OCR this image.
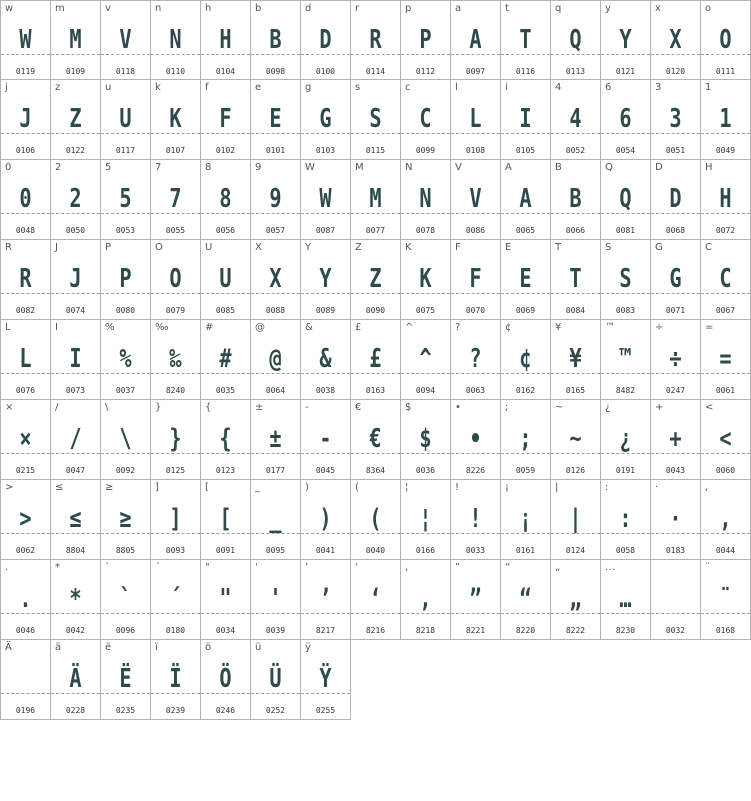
w
W
0119
m
M
0109
v
V
0118
n
N
0110
h
H
0104
b
B
0098
d
D
0100
r
R
0114
p
P
0112
a
A
0097
t
T
0116
q
Q
0113
y
Y
0121
x
X
0120
o
O
0111
j
J
0106
z
Z
0122
u
U
0117
k
K
0107
f
F
0102
e
E
0101
g
G
0103
s
S
0115
c
C
0099
l
L
0108
i
I
0105
4
4
0052
6
6
0054
3
3
0051
1
1
0049
0
0
0048
2
2
0050
5
5
0053
7
7
0055
8
8
0056
9
9
0057
W
W
0087
M
M
0077
N
N
0078
V
V
0086
A
A
0065
B
B
0066
Q
Q
0081
D
D
0068
H
H
0072
R
R
0082
J
J
0074
P
P
0080
O
O
0079
U
U
0085
X
X
0088
Y
Y
0089
Z
Z
0090
K
K
0075
F
F
0070
E
E
0069
T
T
0084
S
S
0083
G
G
0071
C
C
0067
L
L
0076
I
I
0073
%
%
0037
‰
‰
8240
#
#
0035
@
@
0064
&
&
0038
£
£
0163
^
^
0094
?
?
0063
¢
¢
0162
¥
¥
0165
™
™
8482
÷
÷
0247
=
=
0061
×
×
0215
/
/
0047
\
\
0092
}
}
0125
{
{
0123
±
±
0177
-
-
0045
€
€
8364
$
$
0036
•
•
8226
;
;
0059
~
~
0126
¿
¿
0191
+
+
0043
<
<
0060
>
>
0062
≤
≤
8804
≥
≥
8805
]
]
0093
[
[
0091
_
_
0095
)
)
0041
(
(
0040
¦
¦
0166
!
!
0033
¡
¡
0161
|
|
0124
:
:
0058
·
·
0183
,
,
0044
.
.
0046
*
*
0042
`
`
0096
´
´
0180
"
"
0034
'
'
0039
’
’
8217
‘
‘
8216
‚
‚
8218
”
”
8221
“
“
8220
„
„
8222
…
…
8230	0032
¨
¨
0168
Ä
0196
ä
Ä
0228
ë
Ë
0235
ï
Ï
0239
ö
Ö
0246
ü
Ü
0252
ÿ
Ÿ
0255
